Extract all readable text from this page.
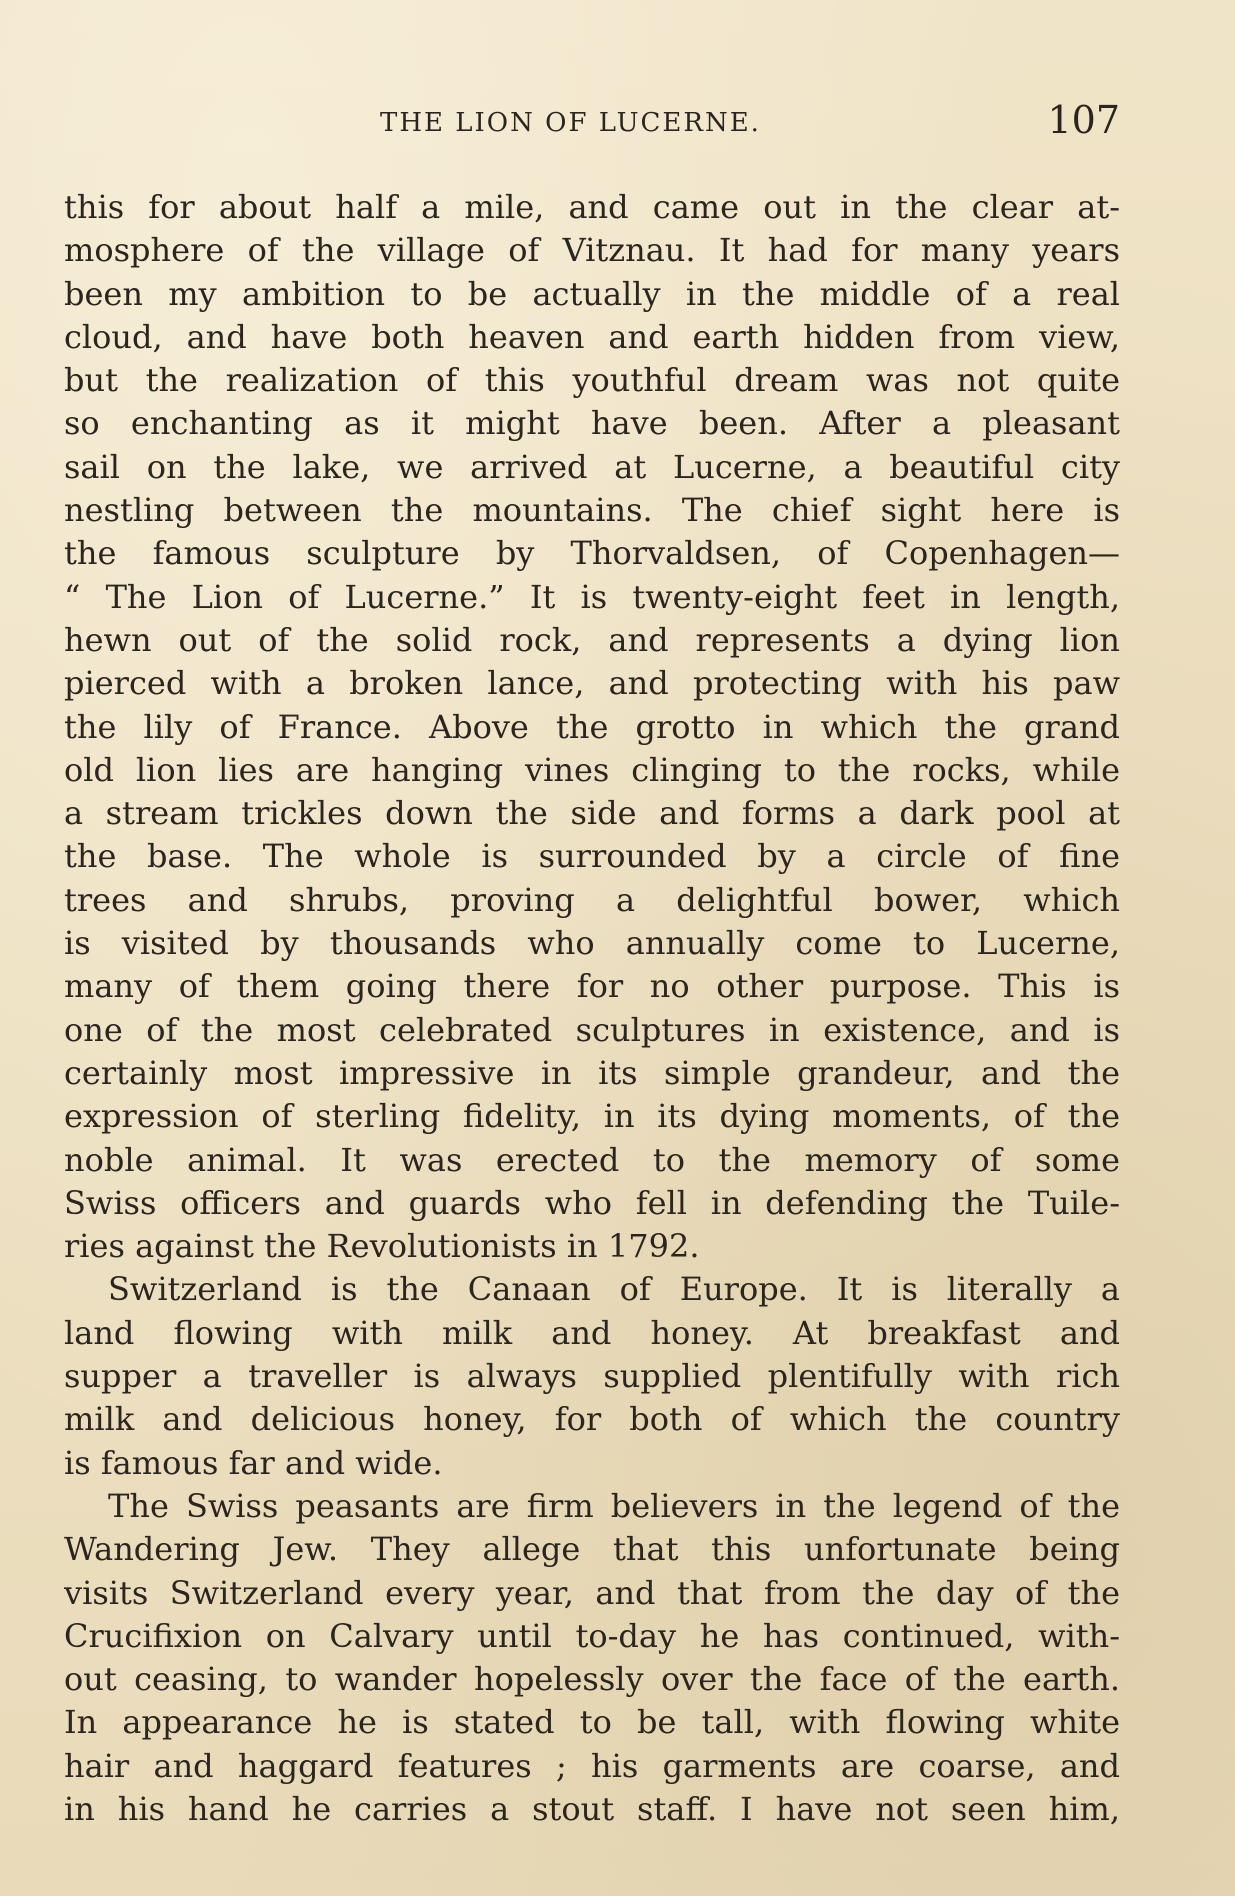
THE LION OF LUCERNE.	107
this for about half a mile, and came out in the clear at-
mosphere of the village of Vitznau. It had for many years
been my ambition to be actually in the middle of a real
cloud, and have both heaven and earth hidden from view,
but the realization of this youthful dream was not quite
so enchanting as it might have been. After a pleasant
sail on the lake, we arrived at Lucerne, a beautiful city
nestling between the mountains. The chief sight here is
the famous sculpture by Thorvaldsen, of Copenhagen—
“ The Lion of Lucerne.” It is twenty-eight feet in length,
hewn out of the solid rock, and represents a dying lion
pierced with a broken lance, and protecting with his paw
the lily of France. Above the grotto in which the grand
old lion lies are hanging vines clinging to the rocks, while
a stream trickles down the side and forms a dark pool at
the base. The whole is surrounded by a circle of fine
trees and shrubs, proving a delightful bower, which
is visited by thousands who annually come to Lucerne,
many of them going there for no other purpose. This is
one of the most celebrated sculptures in existence, and is
certainly most impressive in its simple grandeur, and the
expression of sterling fidelity, in its dying moments, of the
noble animal. It was erected to the memory of some
Swiss officers and guards who fell in defending the Tuile-
ries against the Revolutionists in 1792.
Switzerland is the Canaan of Europe. It is literally a
land flowing with milk and honey. At breakfast and
supper a traveller is always supplied plentifully with rich
milk and delicious honey, for both of which the country
is famous far and wide.
The Swiss peasants are firm believers in the legend of the
Wandering Jew. They allege that this unfortunate being
visits Switzerland every year, and that from the day of the
Crucifixion on Calvary until to-day he has continued, with-
out ceasing, to wander hopelessly over the face of the earth.
In appearance he is stated to be tall, with flowing white
hair and haggard features ; his garments are coarse, and
in his hand he carries a stout staff. I have not seen him,
